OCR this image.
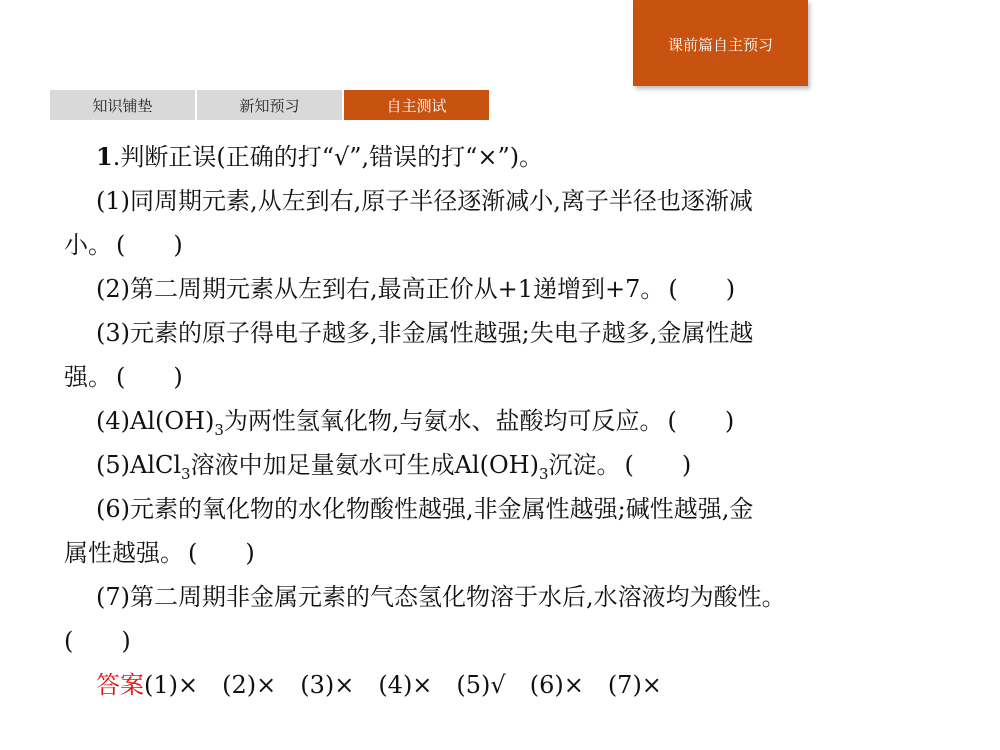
课前篇自主预习
知识铺垫	新知预习	自主测试
1.判断正误(正确的打“√”,错误的打“×”)。
(1)同周期元素,从左到右,原子半径逐渐减小,离子半径也逐渐减
小。 ( )
(2)第二周期元素从左到右,最高正价从+1递增到+7。 ( )
(3)元素的原子得电子越多,非金属性越强;失电子越多,金属性越
强。 ( )
$(4)Al(OH)_3$为两性氢氧化物,与氨水、盐酸均可反应。 ( )
(5)AlCl$_3$溶液中加足量氨水可生成$Al(OH)_3$沉淀。 ( )
(6)元素的氧化物的水化物酸性越强,非金属性越强;碱性越强,金
属性越强。 ( )
(7)第二周期非金属元素的气态氢化物溶于水后,水溶液均为酸性。
( )
答案(1)×　(2)×　(3)×　(4)×　(5)√　(6)×　(7)×
